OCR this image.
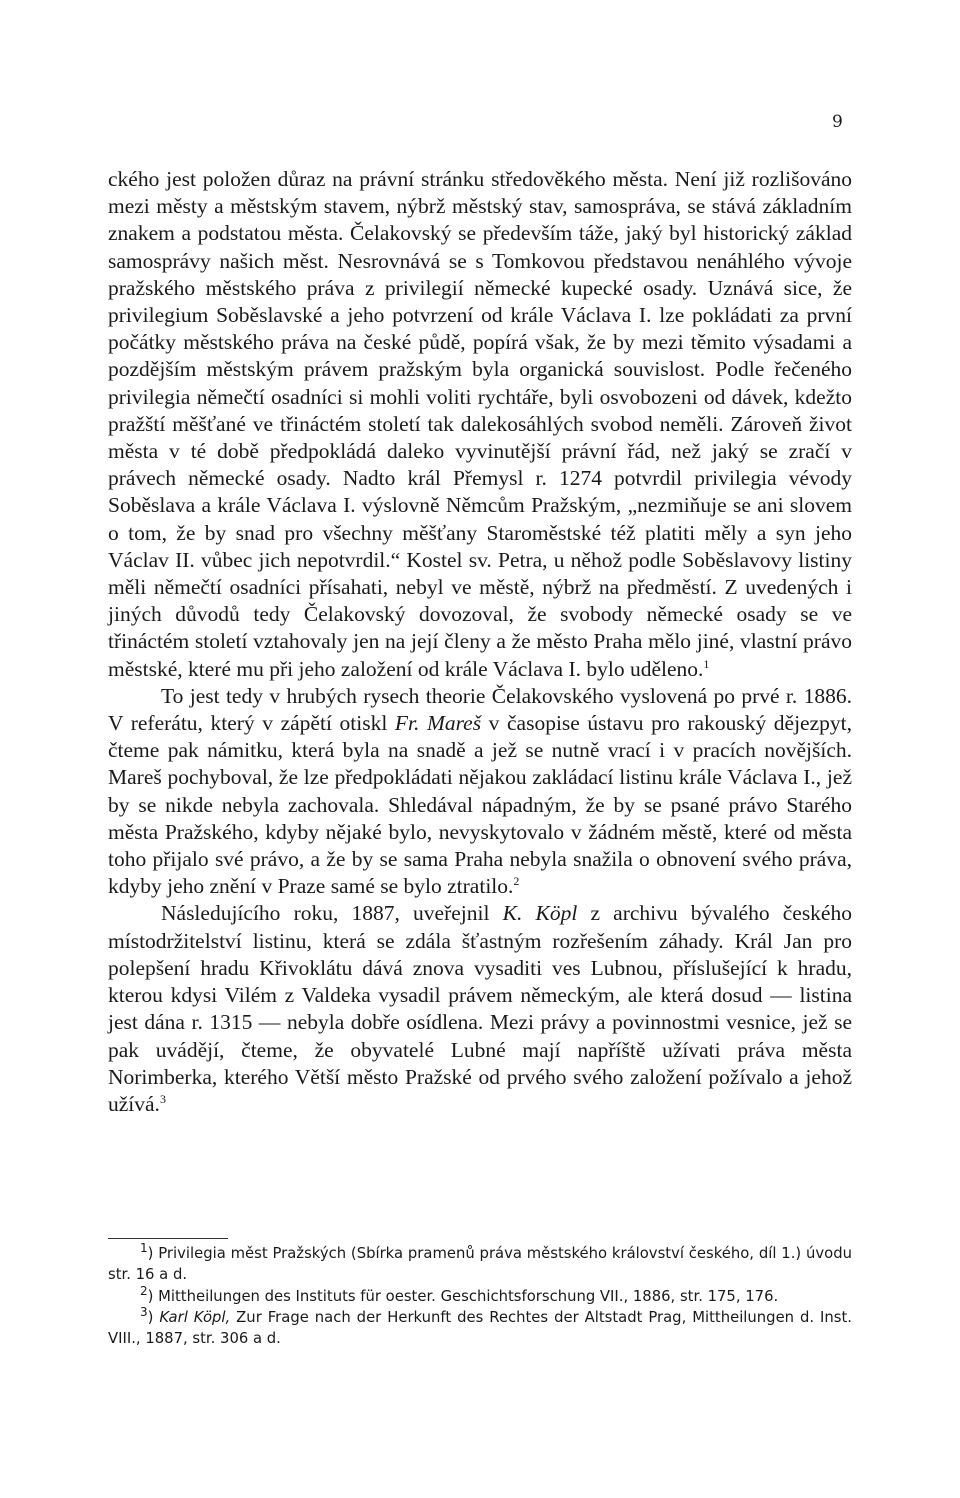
9

ckého jest položen důraz na právní stránku středověkého města. Není již rozlišováno mezi městy a městským stavem, nýbrž městský stav, samospráva, se stává základním znakem a podstatou města. Čelakovský se především táže, jaký byl historický základ samosprávy našich měst. Nesrovnává se s Tomkovou představou nenáhlého vývoje pražského městského práva z privilegií německé kupecké osady. Uznává sice, že privilegium Soběslavské a jeho potvrzení od krále Václava I. lze pokládati za první počátky městského práva na české půdě, popírá však, že by mezi těmito výsadami a pozdějším městským právem pražským byla organická souvislost. Podle řečeného privilegia němečtí osadníci si mohli voliti rychtáře, byli osvobozeni od dávek, kdežto pražští měšťané ve třináctém století tak dalekosáhlých svobod neměli. Zároveň život města v té době předpokládá daleko vyvinutější právní řád, než jaký se zračí v právech německé osady. Nadto král Přemysl r. 1274 potvrdil privilegia vévody Soběslava a krále Václava I. výslovně Němcům Pražským, „nezmiňuje se ani slovem o tom, že by snad pro všechny měšťany Staroměstské též platiti měly a syn jeho Václav II. vůbec jich nepotvrdil.“ Kostel sv. Petra, u něhož podle Soběslavovy listiny měli němečtí osadníci přísahati, nebyl ve městě, nýbrž na předměstí. Z uvedených i jiných důvodů tedy Čelakovský dovozoval, že svobody německé osady se ve třináctém století vztahovaly jen na její členy a že město Praha mělo jiné, vlastní právo městské, které mu při jeho založení od krále Václava I. bylo uděleno.$^1$

To jest tedy v hrubých rysech theorie Čelakovského vyslovená po prvé r. 1886. V referátu, který v zápětí otiskl Fr. Mareš v časopise ústavu pro rakouský dějezpyt, čteme pak námitku, která byla na snadě a jež se nutně vrací i v pracích novějších. Mareš pochyboval, že lze předpokládati nějakou zakládací listinu krále Václava I., jež by se nikde nebyla zachovala. Shledával nápadným, že by se psané právo Starého města Pražského, kdyby nějaké bylo, nevyskytovalo v žádném městě, které od města toho přijalo své právo, a že by se sama Praha nebyla snažila o obnovení svého práva, kdyby jeho znění v Praze samé se bylo ztratilo.$^2$

Následujícího roku, 1887, uveřejnil K. Köpl z archivu bývalého českého místodržitelství listinu, která se zdála šťastným rozřešením záhady. Král Jan pro polepšení hradu Křivoklátu dává znova vysaditi ves Lubnou, příslušející k hradu, kterou kdysi Vilém z Valdeka vysadil právem německým, ale která dosud — listina jest dána r. 1315 — nebyla dobře osídlena. Mezi právy a povinnostmi vesnice, jež se pak uvádějí, čteme, že obyvatelé Lubné mají napříště užívati práva města Norimberka, kterého Větší město Pražské od prvého svého založení požívalo a jehož užívá.$^3$

$^1$) Privilegia měst Pražských (Sbírka pramenů práva městského království českého, díl 1.) úvodu str. 16 a d.

$^2$) Mittheilungen des Instituts für oester. Geschichtsforschung VII., 1886, str. 175, 176.

$^3$) Karl Köpl, Zur Frage nach der Herkunft des Rechtes der Altstadt Prag, Mittheilungen d. Inst. VIII., 1887, str. 306 a d.
